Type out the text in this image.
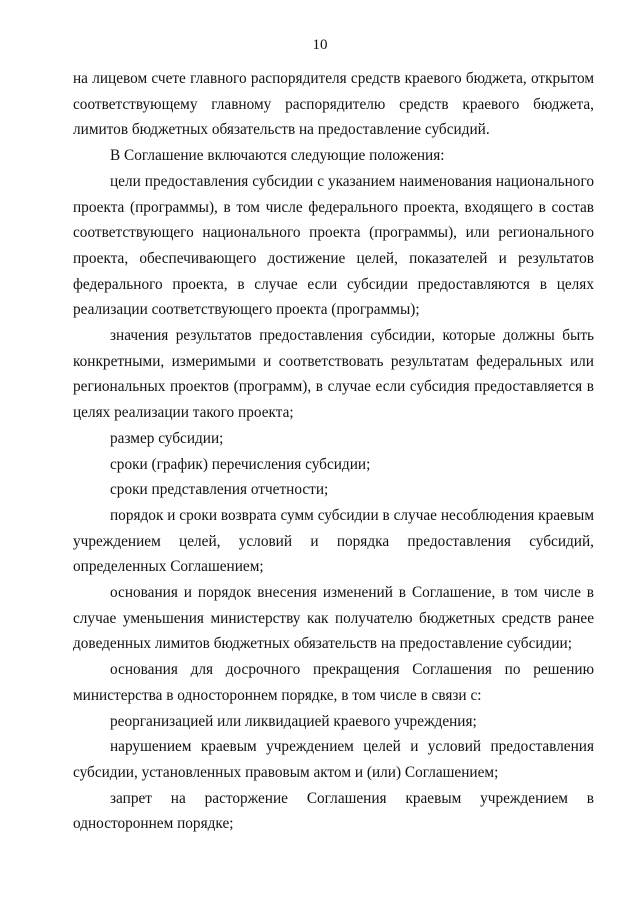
10

на лицевом счете главного распорядителя средств краевого бюджета, открытом соответствующему главному распорядителю средств краевого бюджета, лимитов бюджетных обязательств на предоставление субсидий.

В Соглашение включаются следующие положения:

цели предоставления субсидии с указанием наименования национального проекта (программы), в том числе федерального проекта, входящего в состав соответствующего национального проекта (программы), или регионального проекта, обеспечивающего достижение целей, показателей и результатов федерального проекта, в случае если субсидии предоставляются в целях реализации соответствующего проекта (программы);

значения результатов предоставления субсидии, которые должны быть конкретными, измеримыми и соответствовать результатам федеральных или региональных проектов (программ), в случае если субсидия предоставляется в целях реализации такого проекта;

размер субсидии;

сроки (график) перечисления субсидии;

сроки представления отчетности;

порядок и сроки возврата сумм субсидии в случае несоблюдения краевым учреждением целей, условий и порядка предоставления субсидий, определенных Соглашением;

основания и порядок внесения изменений в Соглашение, в том числе в случае уменьшения министерству как получателю бюджетных средств ранее доведенных лимитов бюджетных обязательств на предоставление субсидии;

основания для досрочного прекращения Соглашения по решению министерства в одностороннем порядке, в том числе в связи с:

реорганизацией или ликвидацией краевого учреждения;

нарушением краевым учреждением целей и условий предоставления субсидии, установленных правовым актом и (или) Соглашением;

запрет на расторжение Соглашения краевым учреждением в одностороннем порядке;
